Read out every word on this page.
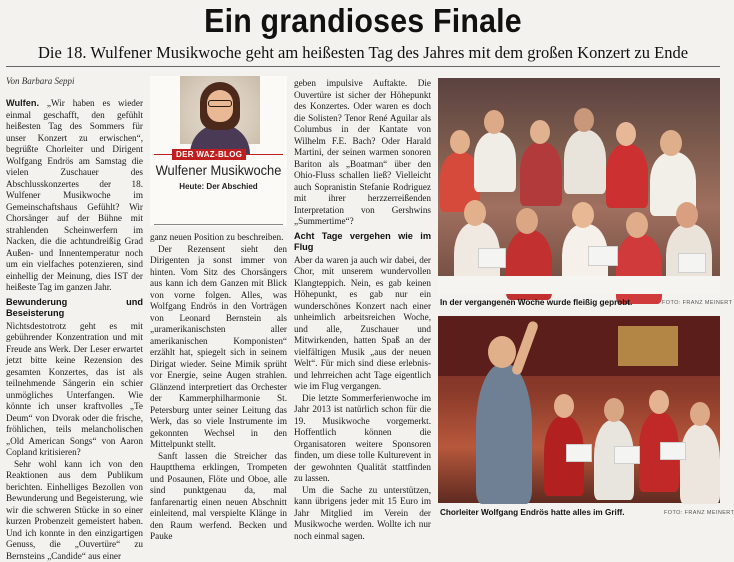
Ein grandioses Finale
Die 18. Wulfener Musikwoche geht am heißesten Tag des Jahres mit dem großen Konzert zu Ende
Von Barbara Seppi

Wulfen. „Wir haben es wieder einmal geschafft, den gefühlt heißesten Tag des Sommers für unser Konzert zu erwischen“, begrüßte Chorleiter und Dirigent Wolfgang Endrös am Samstag die vielen Zuschauer des Abschlusskonzertes der 18. Wulfener Musikwoche im Gemeinschaftshaus Gefühlt? Wir Chorsänger auf der Bühne mit strahlenden Scheinwerfern im Nacken, die die achtundreißig Grad Außen- und Innentemperatur noch um ein vielfaches potenzieren, sind einhellig der Meinung, dies IST der heißeste Tag im ganzen Jahr.

Bewunderung und Beseisterung

Nichtsdestotrotz geht es mit gebührender Konzentration und mit Freude ans Werk. Der Leser erwartet jetzt bitte keine Rezension des gesamten Konzertes, das ist als teilnehmende Sängerin ein schier unmögliches Unterfangen. Wie könnte ich unser kraftvolles „Te Deum“ von Dvorak oder die frische, fröhlichen, teils melancholischen „Old American Songs“ von Aaron Copland kritisieren?

Sehr wohl kann ich von den Reaktionen aus dem Publikum berichten. Einhelliges Bezollen von Bewunderung und Begeisterung, wie wir die schweren Stücke in so einer kurzen Probenzeit gemeistert haben. Und ich konnte in den einzigartigen Genuss, die „Ouvertüre“ zu Bernsteins „Candide“ aus einer

DER WAZ-BLOG
Wulfener Musikwoche
Heute: Der Abschied

ganz neuen Position zu beschreiben.

Der Rezensent sieht den Dirigenten ja sonst immer von hinten. Vom Sitz des Chorsängers aus kann ich dem Ganzen mit Blick von vorne folgen. Alles, was Wolfgang Endrös in den Vorträgen von Leonard Bernstein als „uramerikanischsten aller amerikanischen Komponisten“ erzählt hat, spiegelt sich in seinem Dirigat wieder. Seine Mimik sprüht vor Energie, seine Augen strahlen. Glänzend interpretiert das Orchester der Kammerphilharmonie St. Petersburg unter seiner Leitung das Werk, das so viele Instrumente im gekonnten Wechsel in den Mittelpunkt stellt.

Sanft lassen die Streicher das Hauptthema erklingen, Trompeten und Posaunen, Flöte und Oboe, alle sind punktgenau da, mal fanfarenartig einen neuen Abschnitt einleitend, mal verspielte Klänge in den Raum werfend. Becken und Pauke

geben impulsive Auftakte. Die Ouvertüre ist sicher der Höhepunkt des Konzertes. Oder waren es doch die Solisten? Tenor René Aguilar als Columbus in der Kantate von Wilhelm F.E. Bach? Oder Harald Martini, der seinen warmen sonoren Bariton als „Boatman“ über den Ohio-Fluss schallen ließ? Vielleicht auch Sopranistin Stefanie Rodriguez mit ihrer herzzerreißenden Interpretation von Gershwins „Summertime“?

Acht Tage vergehen wie im Flug

Aber da waren ja auch wir dabei, der Chor, mit unserem wundervollen Klangteppich. Nein, es gab keinen Höhepunkt, es gab nur ein wunderschönes Konzert nach einer unheimlich arbeitsreichen Woche, und alle, Zuschauer und Mitwirkenden, hatten Spaß an der vielfältigen Musik „aus der neuen Welt“. Für mich sind diese erlebnis- und lehrreichen acht Tage eigentlich wie im Flug vergangen.

Die letzte Sommerferienwoche im Jahr 2013 ist natürlich schon für die 19. Musikwoche vorgemerkt. Hoffentlich können die Organisatoren weitere Sponsoren finden, um diese tolle Kulturevent in der gewohnten Qualität stattfinden zu lassen.

Um die Sache zu unterstützen, kann übrigens jeder mit 15 Euro im Jahr Mitglied im Verein der Musikwoche werden. Wollte ich nur noch einmal sagen.

In der vergangenen Woche wurde fleißig geprobt.	FOTO: FRANZ MEINERT
Chorleiter Wolfgang Endrös hatte alles im Griff.	FOTO: FRANZ MEINERT
